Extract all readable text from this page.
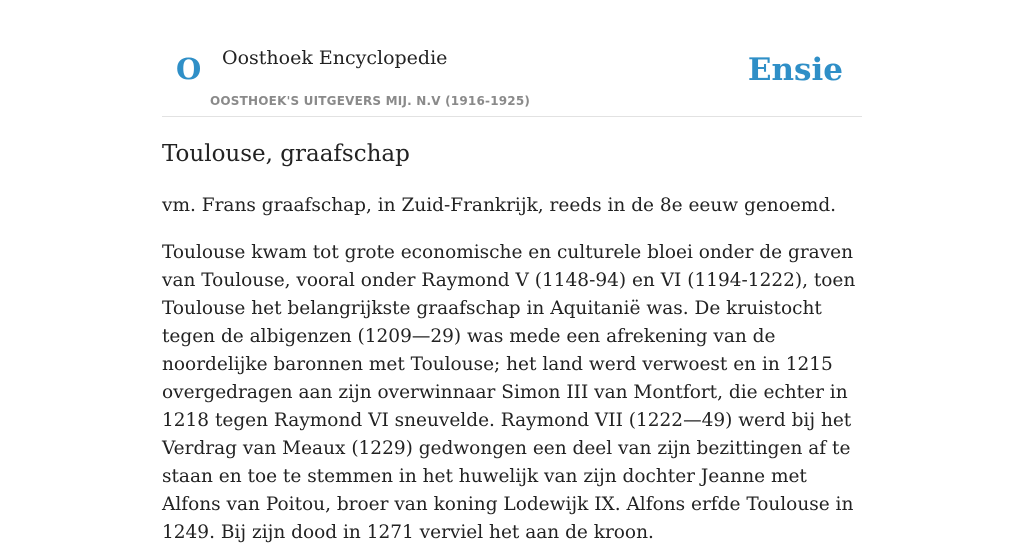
O Oosthoek Encyclopedie
OOSTHOEK'S UITGEVERS MIJ. N.V (1916-1925)
Ensie
Toulouse, graafschap

vm. Frans graafschap, in Zuid-Frankrijk, reeds in de 8e eeuw genoemd.

Toulouse kwam tot grote economische en culturele bloei onder de graven van Toulouse, vooral onder Raymond V (1148-94) en VI (1194-1222), toen Toulouse het belangrijkste graafschap in Aquitanië was. De kruistocht tegen de albigenzen (1209—29) was mede een afrekening van de noordelijke baronnen met Toulouse; het land werd verwoest en in 1215 overgedragen aan zijn overwinnaar Simon III van Montfort, die echter in 1218 tegen Raymond VI sneuvelde. Raymond VII (1222—49) werd bij het Verdrag van Meaux (1229) gedwongen een deel van zijn bezittingen af te staan en toe te stemmen in het huwelijk van zijn dochter Jeanne met Alfons van Poitou, broer van koning Lodewijk IX. Alfons erfde Toulouse in 1249. Bij zijn dood in 1271 verviel het aan de kroon.
